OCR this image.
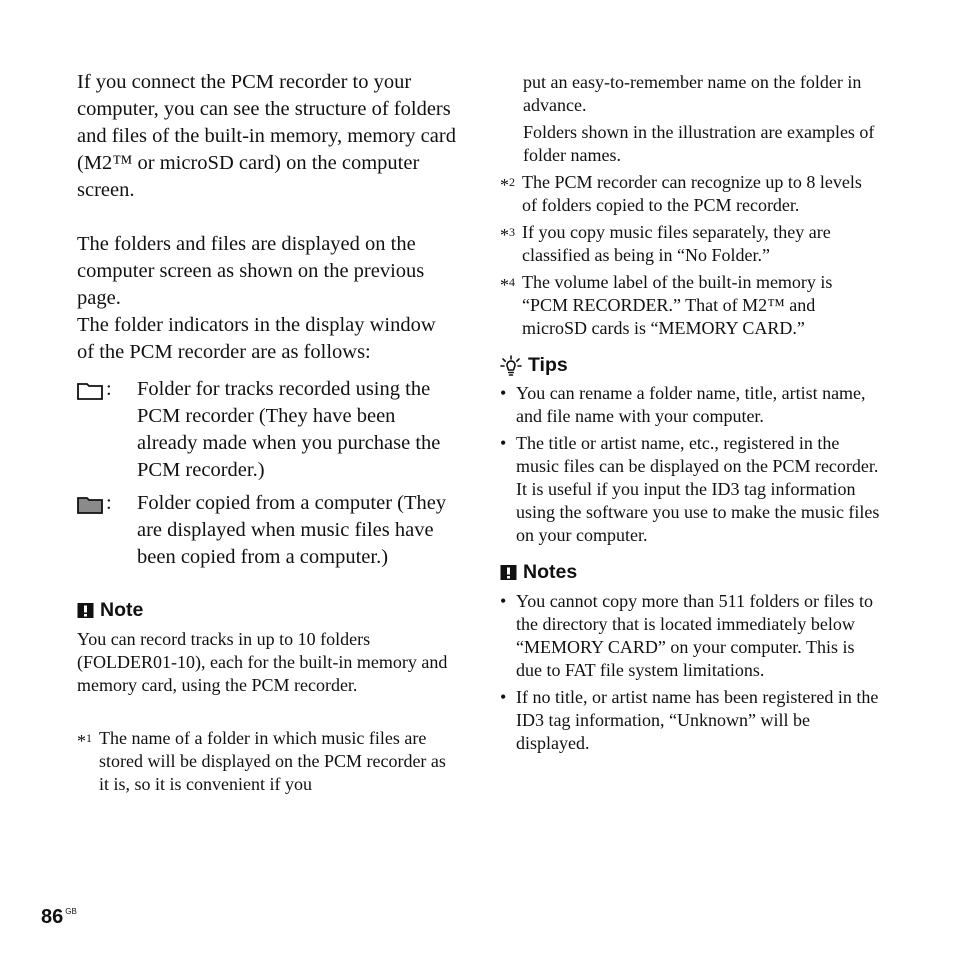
If you connect the PCM recorder to your computer, you can see the structure of folders and files of the built-in memory, memory card (M2™ or microSD card) on the computer screen.

The folders and files are displayed on the computer screen as shown on the previous page.

The folder indicators in the display window of the PCM recorder are as follows:

: Folder for tracks recorded using the PCM recorder (They have been already made when you purchase the PCM recorder.)
: Folder copied from a computer (They are displayed when music files have been copied from a computer.)
Note

You can record tracks in up to 10 folders (FOLDER01-10), each for the built-in memory and memory card, using the PCM recorder.

*$^1$ The name of a folder in which music files are stored will be displayed on the PCM recorder as it is, so it is convenient if you

put an easy-to-remember name on the folder in advance.

Folders shown in the illustration are examples of folder names.

*$^2$ The PCM recorder can recognize up to 8 levels of folders copied to the PCM recorder.
*$^3$ If you copy music files separately, they are classified as being in “No Folder.”
*$^4$ The volume label of the built-in memory is “PCM RECORDER.” That of M2™ and microSD cards is “MEMORY CARD.”
Tips
• You can rename a folder name, title, artist name, and file name with your computer.
• The title or artist name, etc., registered in the music files can be displayed on the PCM recorder. It is useful if you input the ID3 tag information using the software you use to make the music files on your computer.
Notes
• You cannot copy more than 511 folders or files to the directory that is located immediately below “MEMORY CARD” on your computer. This is due to FAT file system limitations.
• If no title, or artist name has been registered in the ID3 tag information, “Unknown” will be displayed.
86 $^{GB}$
